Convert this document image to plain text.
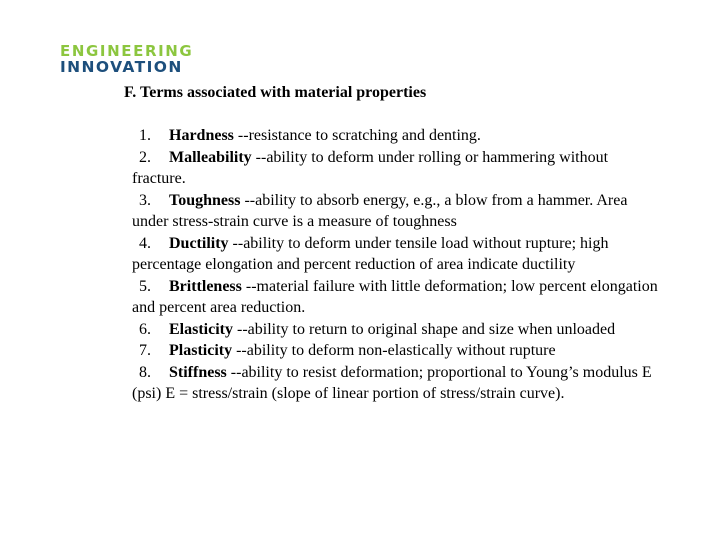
ENGINEERING
INNOVATION
F. Terms associated with material properties
1. Hardness --resistance to scratching and denting.
2. Malleability --ability to deform under rolling or hammering without fracture.
3. Toughness --ability to absorb energy, e.g., a blow from a hammer. Area under stress-strain curve is a measure of toughness
4. Ductility --ability to deform under tensile load without rupture; high percentage elongation and percent reduction of area indicate ductility
5. Brittleness --material failure with little deformation; low percent elongation and percent area reduction.
6. Elasticity --ability to return to original shape and size when unloaded
7. Plasticity --ability to deform non-elastically without rupture
8. Stiffness --ability to resist deformation; proportional to Young’s modulus E (psi) E = stress/strain (slope of linear portion of stress/strain curve).
